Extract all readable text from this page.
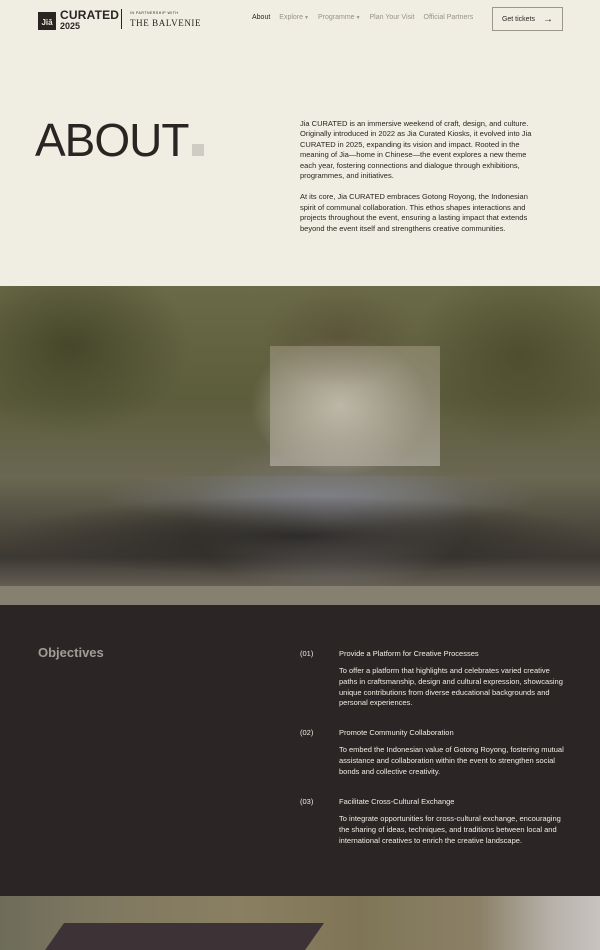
Jiā CURATED
2025
IN PARTNERSHIP WITH
THE BALVENIE
About Explore▼ Programme▼ Plan Your Visit Official Partners	Get tickets →
ABOUT	Jia CURATED is an immersive weekend of craft, design, and culture. Originally introduced in 2022 as Jia Curated Kiosks, it evolved into Jia CURATED in 2025, expanding its vision and impact. Rooted in the meaning of Jia—home in Chinese—the event explores a new theme each year, fostering connections and dialogue through exhibitions, programmes, and initiatives.

At its core, Jia CURATED embraces Gotong Royong, the Indonesian spirit of communal collaboration. This ethos shapes interactions and projects throughout the event, ensuring a lasting impact that extends beyond the event itself and strengthens creative communities.

Objectives	(01)	Provide a Platform for Creative Processes

To offer a platform that highlights and celebrates varied creative paths in craftsmanship, design and cultural expression, showcasing unique contributions from diverse educational backgrounds and personal experiences.

(02)	Promote Community Collaboration

To embed the Indonesian value of Gotong Royong, fostering mutual assistance and collaboration within the event to strengthen social bonds and collective creativity.

(03)	Facilitate Cross-Cultural Exchange

To integrate opportunities for cross-cultural exchange, encouraging the sharing of ideas, techniques, and traditions between local and international creatives to enrich the creative landscape.
